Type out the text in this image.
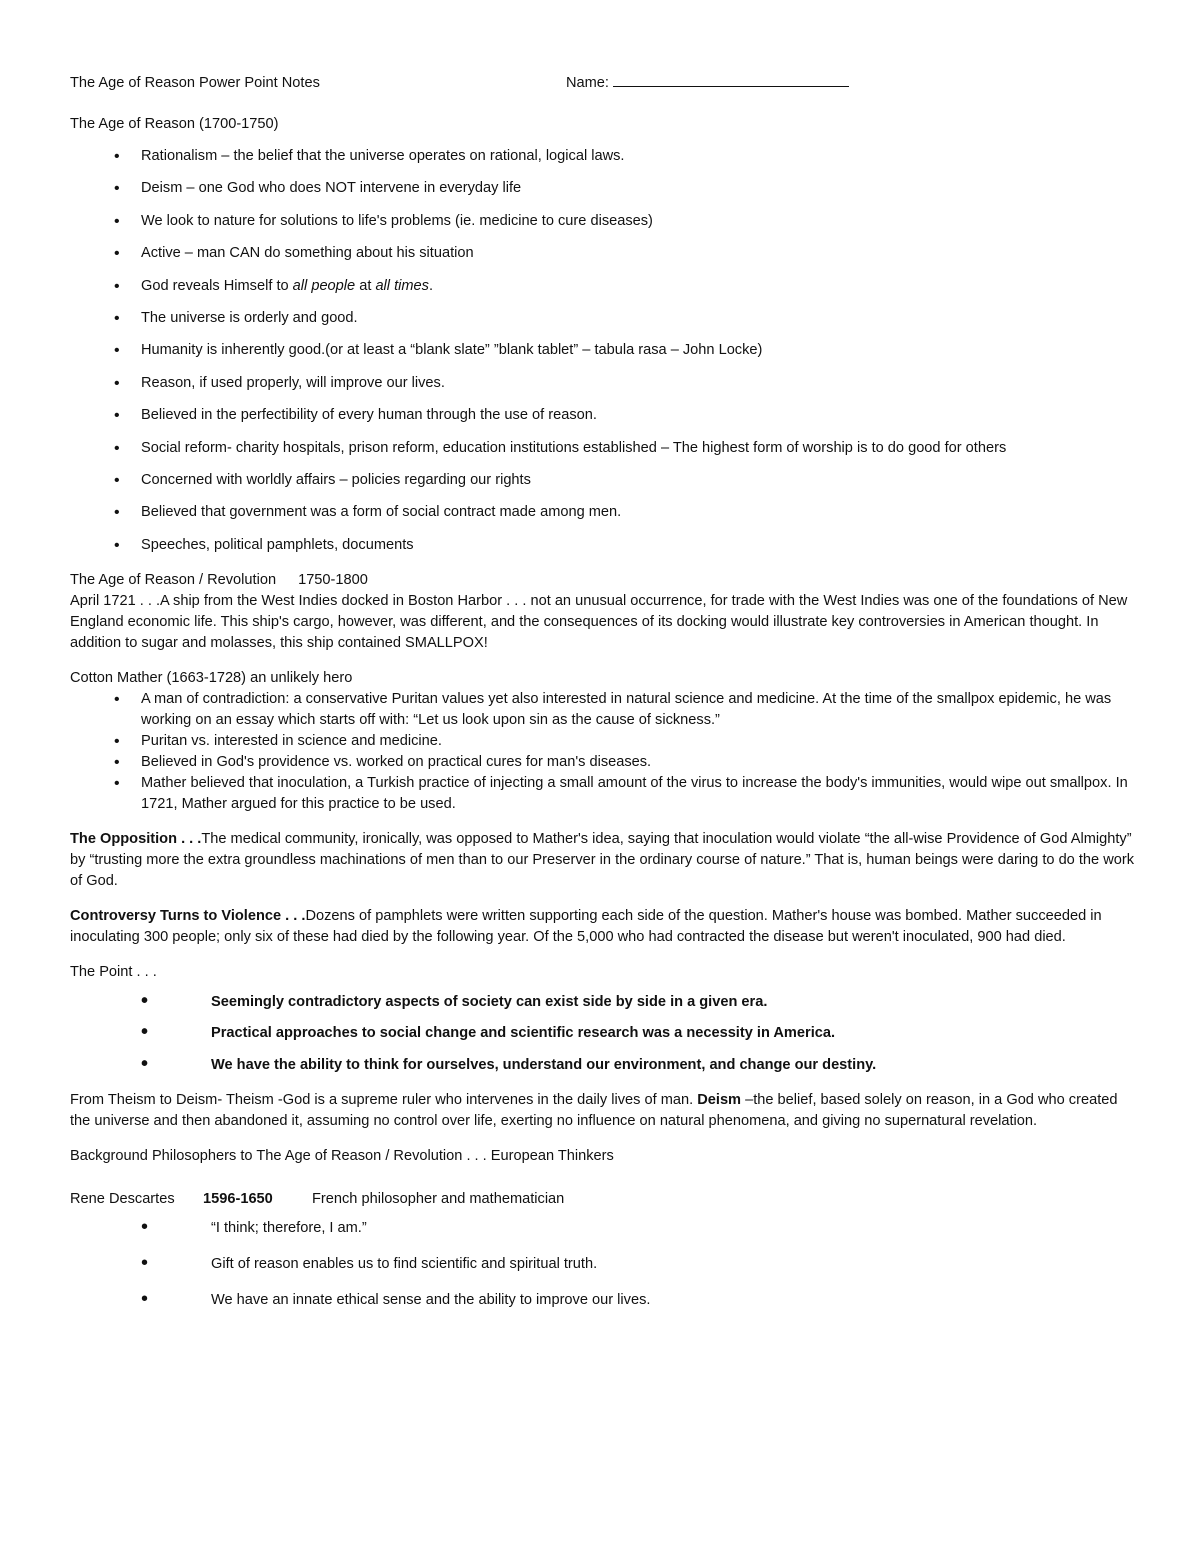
The Age of Reason Power Point Notes	Name:

The Age of Reason (1700-1750)

• Rationalism – the belief that the universe operates on rational, logical laws.
• Deism – one God who does NOT intervene in everyday life
• We look to nature for solutions to life's problems (ie. medicine to cure diseases)
• Active – man CAN do something about his situation
• God reveals Himself to all people at all times.
• The universe is orderly and good.
• Humanity is inherently good.(or at least a “blank slate” ”blank tablet” – tabula rasa – John Locke)
• Reason, if used properly, will improve our lives.
• Believed in the perfectibility of every human through the use of reason.
• Social reform- charity hospitals, prison reform, education institutions established – The highest form of worship is to do good for others
• Concerned with worldly affairs – policies regarding our rights
• Believed that government was a form of social contract made among men.
• Speeches, political pamphlets, documents

The Age of Reason / Revolution 1750-1800

April 1721 . . .A ship from the West Indies docked in Boston Harbor . . . not an unusual occurrence, for trade with the West Indies was one of the foundations of New England economic life. This ship's cargo, however, was different, and the consequences of its docking would illustrate key controversies in American thought. In addition to sugar and molasses, this ship contained SMALLPOX!

Cotton Mather (1663-1728) an unlikely hero

• A man of contradiction: a conservative Puritan values yet also interested in natural science and medicine. At the time of the smallpox epidemic, he was working on an essay which starts off with: “Let us look upon sin as the cause of sickness.”
• Puritan vs. interested in science and medicine.
• Believed in God's providence vs. worked on practical cures for man's diseases.
• Mather believed that inoculation, a Turkish practice of injecting a small amount of the virus to increase the body's immunities, would wipe out smallpox. In 1721, Mather argued for this practice to be used.

The Opposition . . .The medical community, ironically, was opposed to Mather's idea, saying that inoculation would violate “the all-wise Providence of God Almighty” by “trusting more the extra groundless machinations of men than to our Preserver in the ordinary course of nature.” That is, human beings were daring to do the work of God.

Controversy Turns to Violence . . .Dozens of pamphlets were written supporting each side of the question. Mather's house was bombed. Mather succeeded in inoculating 300 people; only six of these had died by the following year. Of the 5,000 who had contracted the disease but weren't inoculated, 900 had died.

The Point . . .

• Seemingly contradictory aspects of society can exist side by side in a given era.
• Practical approaches to social change and scientific research was a necessity in America.
• We have the ability to think for ourselves, understand our environment, and change our destiny.

From Theism to Deism- Theism -God is a supreme ruler who intervenes in the daily lives of man. Deism –the belief, based solely on reason, in a God who created the universe and then abandoned it, assuming no control over life, exerting no influence on natural phenomena, and giving no supernatural revelation.

Background Philosophers to The Age of Reason / Revolution . . . European Thinkers

Rene Descartes 1596-1650	French philosopher and mathematician

• “I think; therefore, I am.”
• Gift of reason enables us to find scientific and spiritual truth.
• We have an innate ethical sense and the ability to improve our lives.
